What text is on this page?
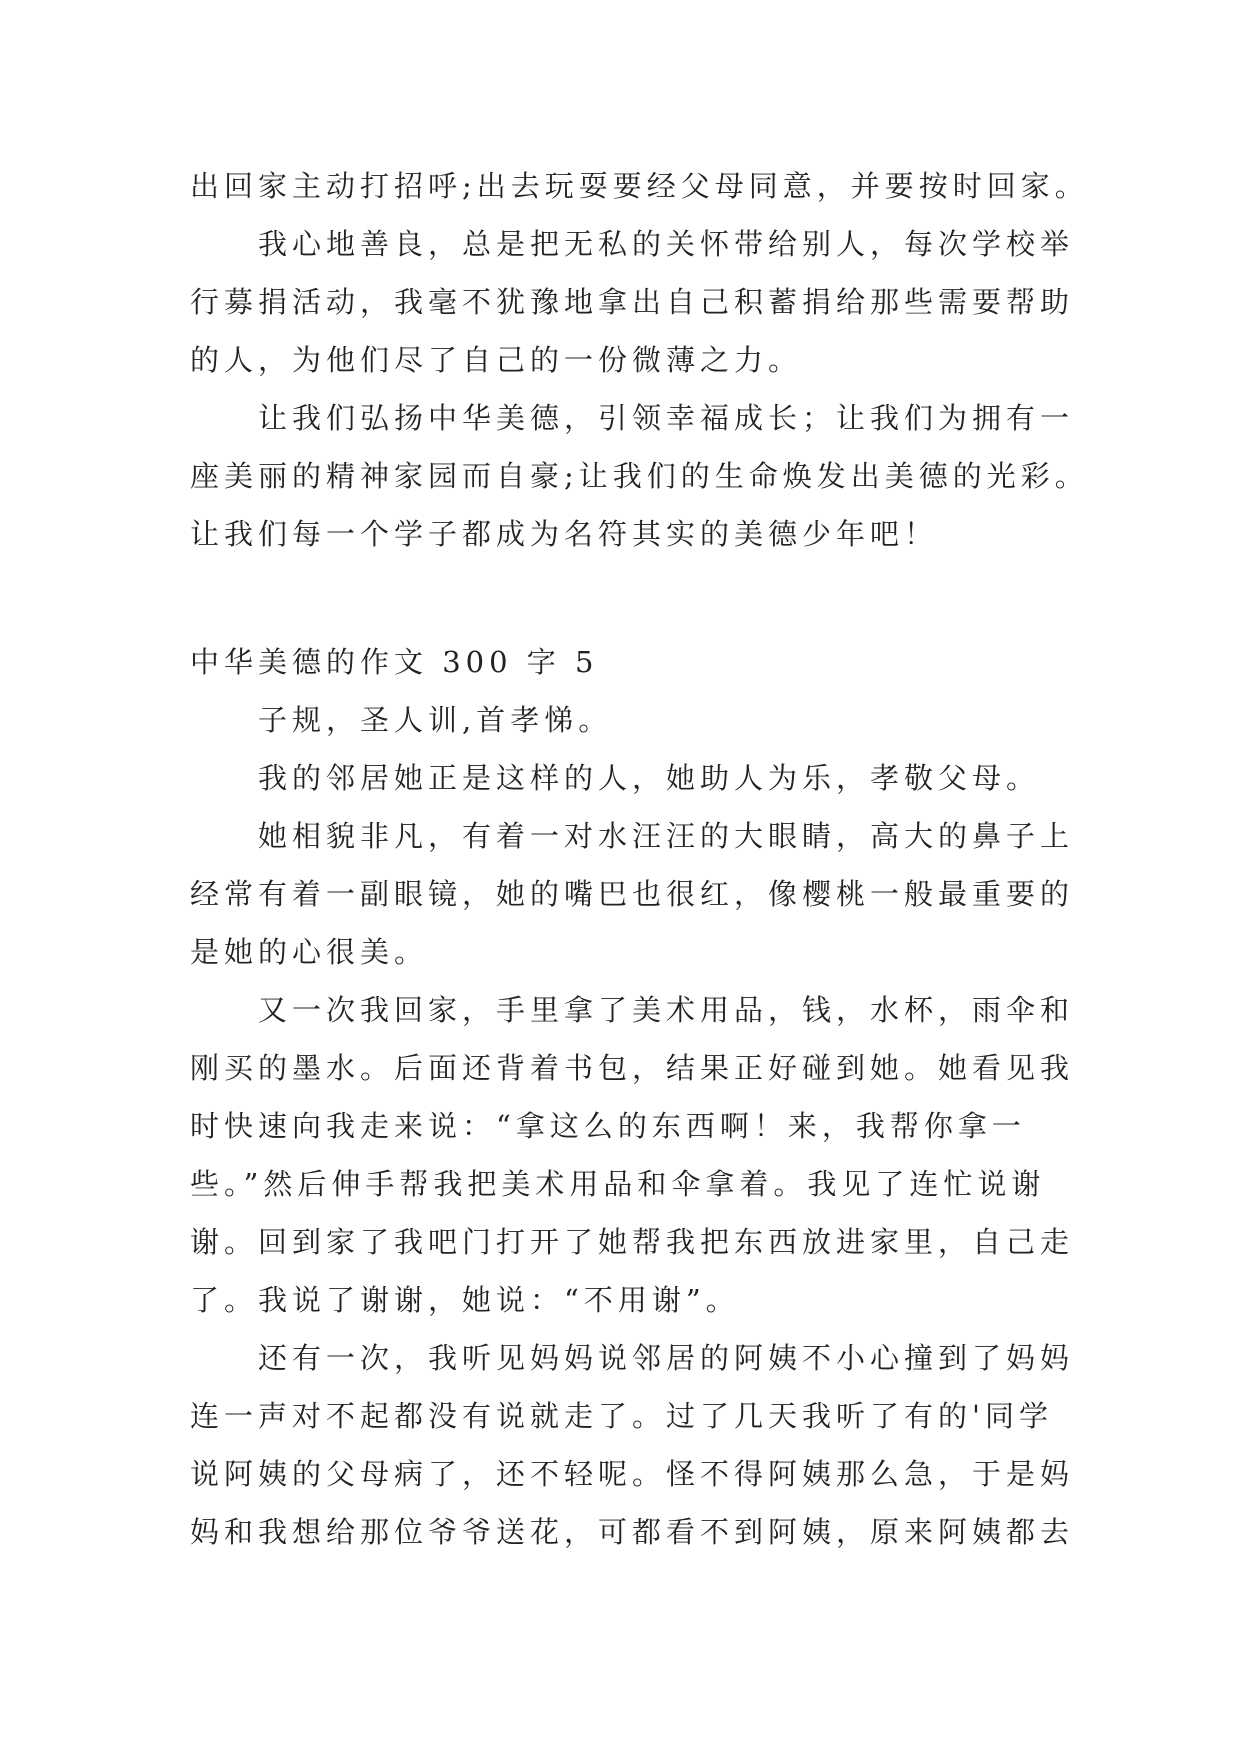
出回家主动打招呼;出去玩耍要经父母同意，并要按时回家。
我心地善良，总是把无私的关怀带给别人，每次学校举
行募捐活动，我毫不犹豫地拿出自己积蓄捐给那些需要帮助
的人，为他们尽了自己的一份微薄之力。
让我们弘扬中华美德，引领幸福成长；让我们为拥有一
座美丽的精神家园而自豪;让我们的生命焕发出美德的光彩。
让我们每一个学子都成为名符其实的美德少年吧！
中华美德的作文 300 字 5
子规，圣人训,首孝悌。
我的邻居她正是这样的人，她助人为乐，孝敬父母。
她相貌非凡，有着一对水汪汪的大眼睛，高大的鼻子上
经常有着一副眼镜，她的嘴巴也很红，像樱桃一般最重要的
是她的心很美。
又一次我回家，手里拿了美术用品，钱，水杯，雨伞和
刚买的墨水。后面还背着书包，结果正好碰到她。她看见我
时快速向我走来说：“拿这么的东西啊！来，我帮你拿一
些。”然后伸手帮我把美术用品和伞拿着。我见了连忙说谢
谢。回到家了我吧门打开了她帮我把东西放进家里，自己走
了。我说了谢谢，她说：“不用谢”。
还有一次，我听见妈妈说邻居的阿姨不小心撞到了妈妈
连一声对不起都没有说就走了。过了几天我听了有的'同学
说阿姨的父母病了，还不轻呢。怪不得阿姨那么急，于是妈
妈和我想给那位爷爷送花，可都看不到阿姨，原来阿姨都去
